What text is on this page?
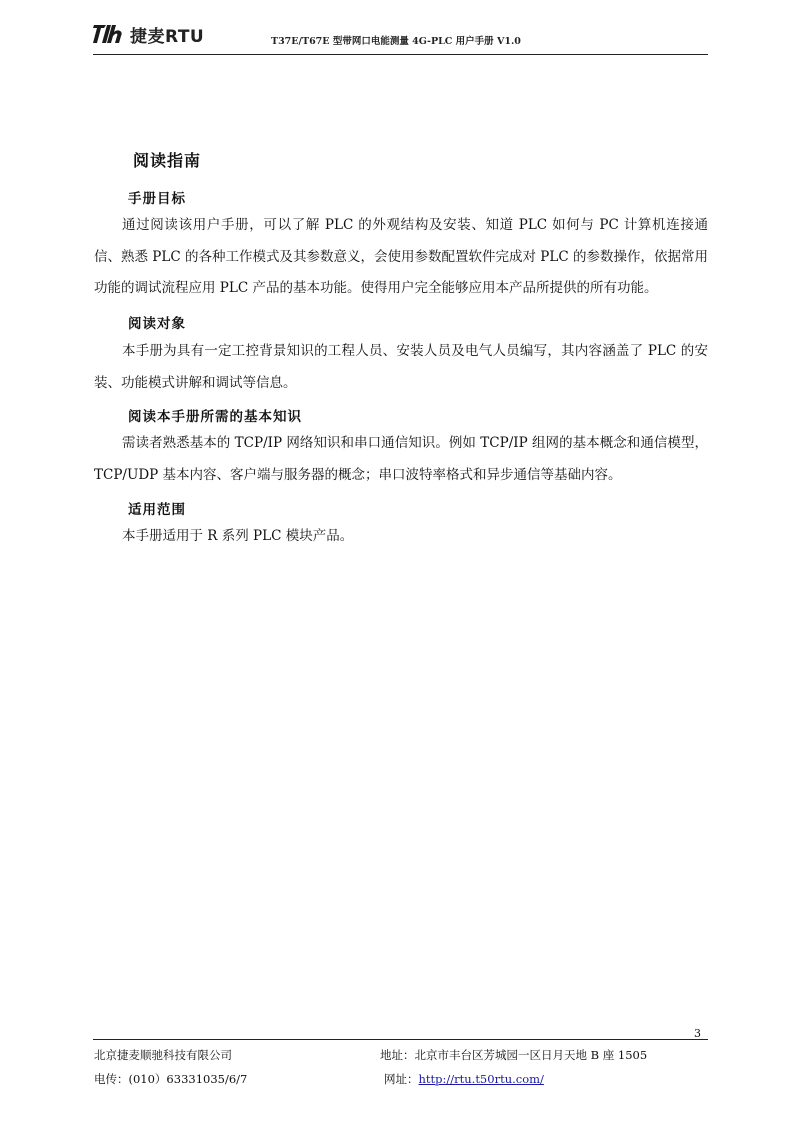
捷麦RTU	T37E/T67E 型带网口电能测量 4G-PLC 用户手册 V1.0
阅读指南
手册目标

通过阅读该用户手册，可以了解 PLC 的外观结构及安装、知道 PLC 如何与 PC 计算机连接通信、熟悉 PLC 的各种工作模式及其参数意义，会使用参数配置软件完成对 PLC 的参数操作，依据常用功能的调试流程应用 PLC 产品的基本功能。使得用户完全能够应用本产品所提供的所有功能。

阅读对象

本手册为具有一定工控背景知识的工程人员、安装人员及电气人员编写，其内容涵盖了 PLC 的安装、功能模式讲解和调试等信息。

阅读本手册所需的基本知识

需读者熟悉基本的 TCP/IP 网络知识和串口通信知识。例如 TCP/IP 组网的基本概念和通信模型，TCP/UDP 基本内容、客户端与服务器的概念；串口波特率格式和异步通信等基础内容。

适用范围

本手册适用于 R 系列 PLC 模块产品。

3
北京捷麦顺驰科技有限公司
电传：(010）63331035/6/7
地址：北京市丰台区芳城园一区日月天地 B 座 1505
网址：http://rtu.t50rtu.com/
